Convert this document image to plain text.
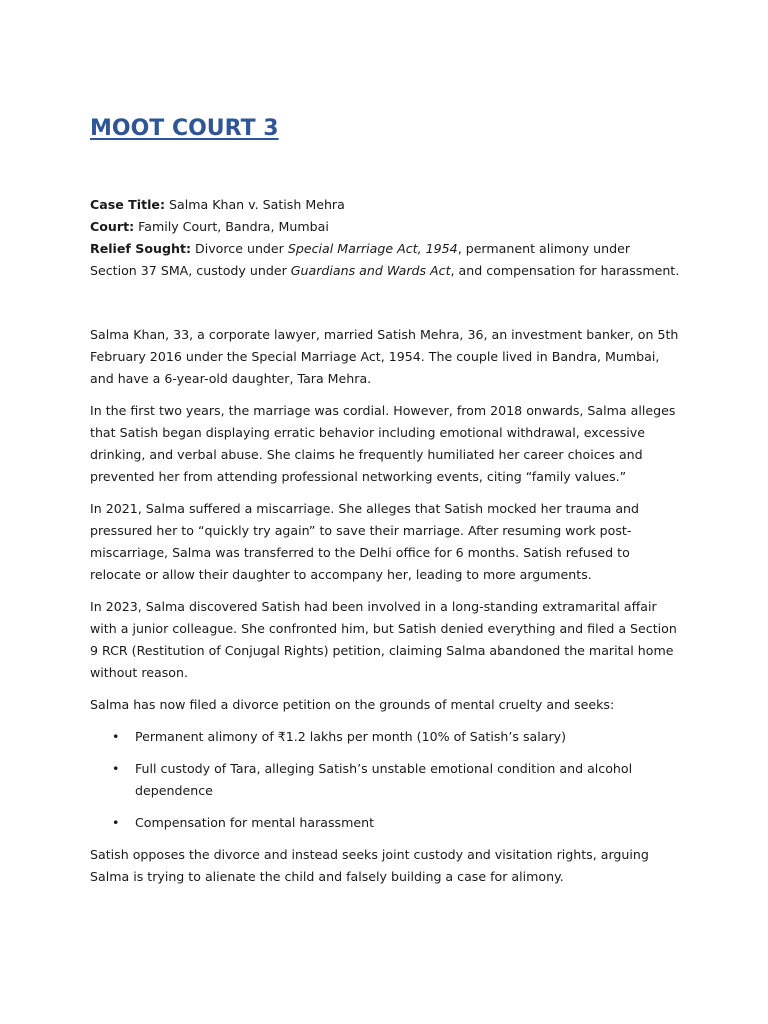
MOOT COURT 3

Case Title: Salma Khan v. Satish Mehra

Court: Family Court, Bandra, Mumbai

Relief Sought: Divorce under Special Marriage Act, 1954, permanent alimony under Section 37 SMA, custody under Guardians and Wards Act, and compensation for harassment.

Salma Khan, 33, a corporate lawyer, married Satish Mehra, 36, an investment banker, on 5th February 2016 under the Special Marriage Act, 1954. The couple lived in Bandra, Mumbai, and have a 6-year-old daughter, Tara Mehra.

In the first two years, the marriage was cordial. However, from 2018 onwards, Salma alleges that Satish began displaying erratic behavior including emotional withdrawal, excessive drinking, and verbal abuse. She claims he frequently humiliated her career choices and prevented her from attending professional networking events, citing “family values.”

In 2021, Salma suffered a miscarriage. She alleges that Satish mocked her trauma and pressured her to “quickly try again” to save their marriage. After resuming work post-miscarriage, Salma was transferred to the Delhi office for 6 months. Satish refused to relocate or allow their daughter to accompany her, leading to more arguments.

In 2023, Salma discovered Satish had been involved in a long-standing extramarital affair with a junior colleague. She confronted him, but Satish denied everything and filed a Section 9 RCR (Restitution of Conjugal Rights) petition, claiming Salma abandoned the marital home without reason.

Salma has now filed a divorce petition on the grounds of mental cruelty and seeks:

• Permanent alimony of ₹1.2 lakhs per month (10% of Satish’s salary)
• Full custody of Tara, alleging Satish’s unstable emotional condition and alcohol dependence
• Compensation for mental harassment

Satish opposes the divorce and instead seeks joint custody and visitation rights, arguing Salma is trying to alienate the child and falsely building a case for alimony.
